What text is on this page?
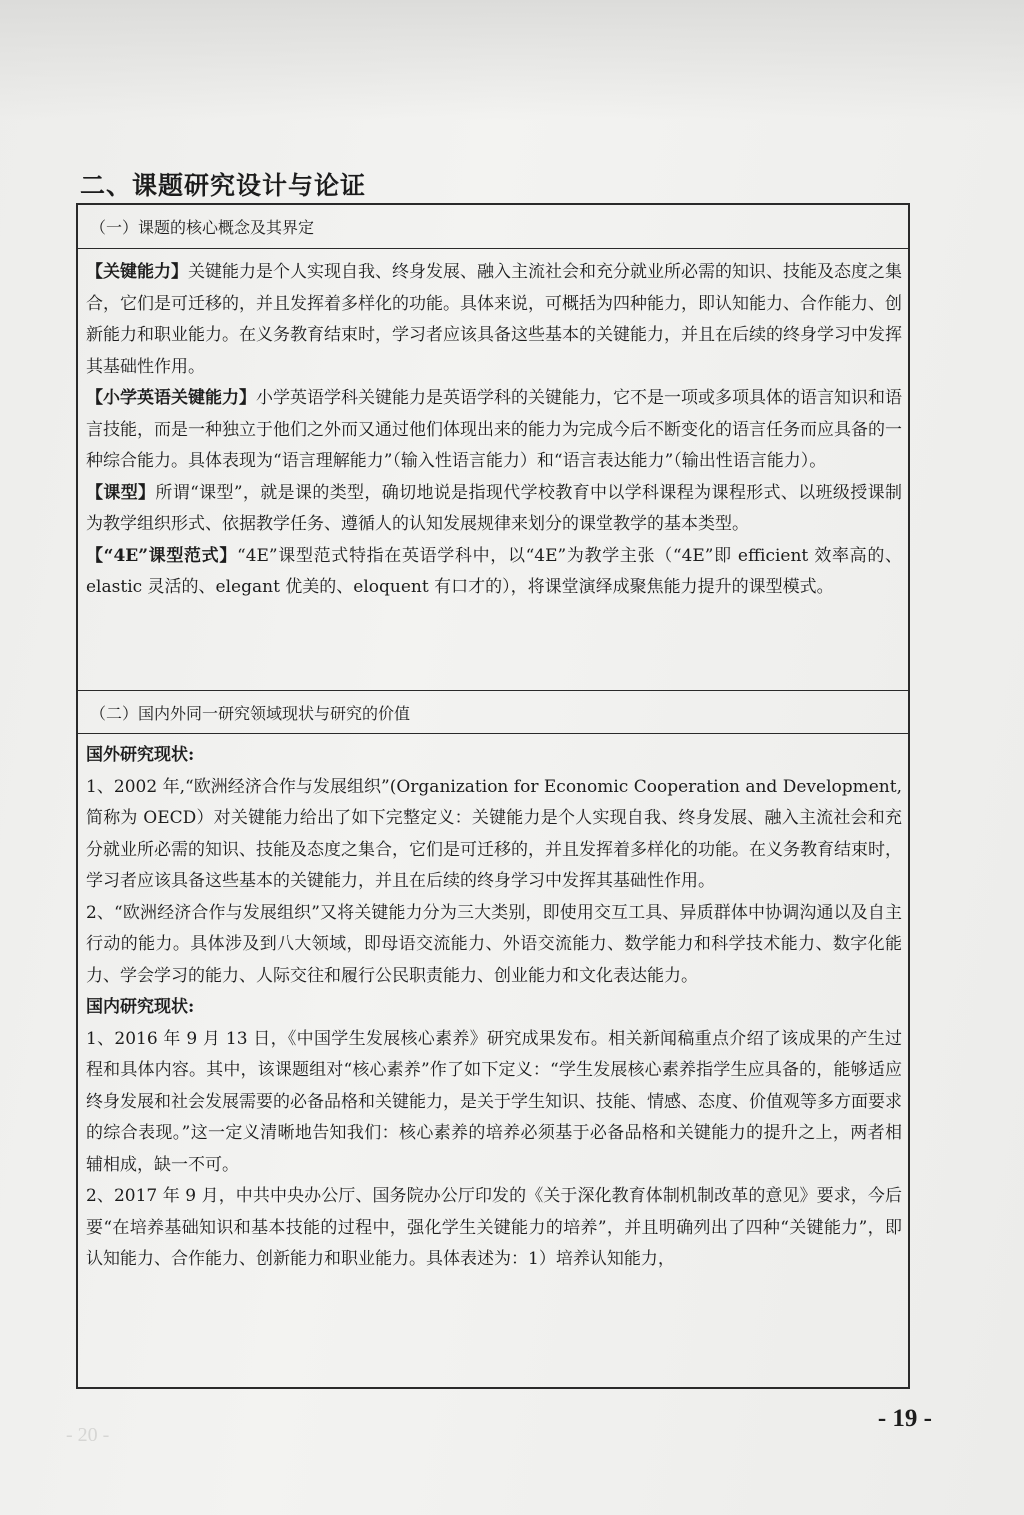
二、课题研究设计与论证
（一）课题的核心概念及其界定

【关键能力】关键能力是个人实现自我、终身发展、融入主流社会和充分就业所必需的知识、技能及态度之集合，它们是可迁移的，并且发挥着多样化的功能。具体来说，可概括为四种能力，即认知能力、合作能力、创新能力和职业能力。在义务教育结束时，学习者应该具备这些基本的关键能力，并且在后续的终身学习中发挥其基础性作用。

【小学英语关键能力】小学英语学科关键能力是英语学科的关键能力，它不是一项或多项具体的语言知识和语言技能，而是一种独立于他们之外而又通过他们体现出来的能力为完成今后不断变化的语言任务而应具备的一种综合能力。具体表现为“语言理解能力”（输入性语言能力）和“语言表达能力”（输出性语言能力）。

【课型】所谓“课型”，就是课的类型，确切地说是指现代学校教育中以学科课程为课程形式、以班级授课制为教学组织形式、依据教学任务、遵循人的认知发展规律来划分的课堂教学的基本类型。

【“4E”课型范式】“4E”课型范式特指在英语学科中，以“4E”为教学主张（“4E”即 efficient 效率高的、elastic 灵活的、elegant 优美的、eloquent 有口才的），将课堂演绎成聚焦能力提升的课型模式。

（二）国内外同一研究领域现状与研究的价值

国外研究现状:

1、2002 年,“欧洲经济合作与发展组织”(Organization for Economic Cooperation and Development, 简称为 OECD）对关键能力给出了如下完整定义：关键能力是个人实现自我、终身发展、融入主流社会和充分就业所必需的知识、技能及态度之集合，它们是可迁移的，并且发挥着多样化的功能。在义务教育结束时，学习者应该具备这些基本的关键能力，并且在后续的终身学习中发挥其基础性作用。

2、“欧洲经济合作与发展组织”又将关键能力分为三大类别，即使用交互工具、异质群体中协调沟通以及自主行动的能力。具体涉及到八大领域，即母语交流能力、外语交流能力、数学能力和科学技术能力、数字化能力、学会学习的能力、人际交往和履行公民职责能力、创业能力和文化表达能力。

国内研究现状:

1、2016 年 9 月 13 日，《中国学生发展核心素养》研究成果发布。相关新闻稿重点介绍了该成果的产生过程和具体内容。其中，该课题组对“核心素养”作了如下定义：“学生发展核心素养指学生应具备的，能够适应终身发展和社会发展需要的必备品格和关键能力，是关于学生知识、技能、情感、态度、价值观等多方面要求的综合表现。”这一定义清晰地告知我们：核心素养的培养必须基于必备品格和关键能力的提升之上，两者相辅相成，缺一不可。

2、2017 年 9 月，中共中央办公厅、国务院办公厅印发的《关于深化教育体制机制改革的意见》要求，今后要“在培养基础知识和基本技能的过程中，强化学生关键能力的培养”，并且明确列出了四种“关键能力”，即认知能力、合作能力、创新能力和职业能力。具体表述为：1）培养认知能力，

- 19 -
- 20 -
